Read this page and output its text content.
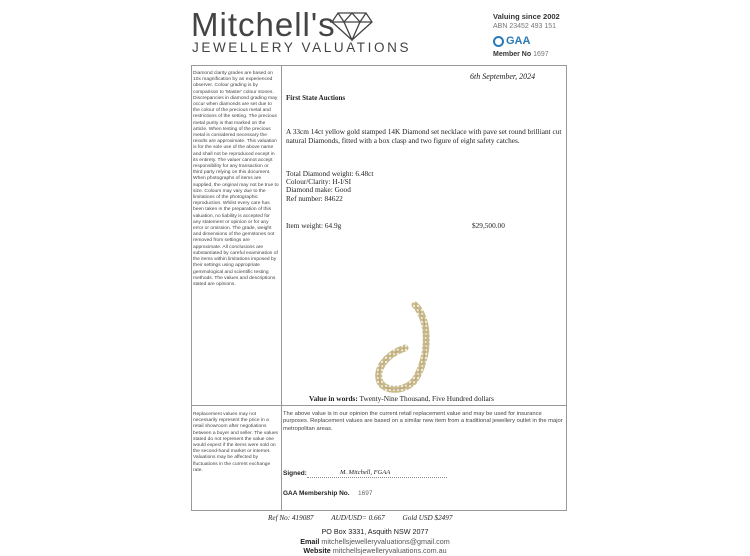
Mitchell's
JEWELLERY VALUATIONS
Valuing since 2002
ABN 23452 493 151
GAA
Member No 1697
Diamond clarity grades are based on 10x magnification by an experienced observer. Colour grading is by comparison to 'Master' colour stones. Discrepancies in diamond grading may occur when diamonds are set due to the colour of the precious metal and restrictions of the setting. The precious metal purity is that marked on the article. When testing of the precious metal is considered necessary the results are approximate. This valuation is for the sole use of the above name and shall not be reproduced except in its entirety. The valuer cannot accept responsibility for any transaction or third party relying on this document. When photographs of items are supplied, the original may not be true to size. Colours may vary due to the limitations of the photographic reproduction. Whilst every care has been taken in the preparation of this valuation, no liability is accepted for any statement or opinion or for any error or omission. The grade, weight and dimensions of the gemstones not removed from settings are approximate. All conclusions are substantiated by careful examination of the items within limitations imposed by their settings using appropriate gemmological and scientific testing methods. The values and descriptions stated are opinions.
Replacement values may not necessarily represent the price in a retail showroom after negotiations between a buyer and seller. The values stated do not represent the value one would expect if the items were sold on the second-hand market or internet. Valuations may be affected by fluctuations in the current exchange rate.
6th September, 2024
First State Auctions
A 33cm 14ct yellow gold stamped 14K Diamond set necklace with pave set round brilliant cut natural Diamonds, fitted with a box clasp and two figure of eight safety catches.
Total Diamond weight: 6.48ct
Colour/Clarity: H-I/SI
Diamond make: Good
Ref number: 84622
Item weight: 64.9g	$29,500.00
Value in words: Twenty-Nine Thousand, Five Hundred dollars
The above value is in our opinion the current retail replacement value and may be used for insurance purposes. Replacement values are based on a similar new item from a traditional jewellery outlet in the major metropolitan areas.
Signed:	M. Mitchell, FGAA
GAA Membership No. 1697
Ref No: 419087 AUD/USD= 0.667 Gold USD $2497
PO Box 3331, Asquith NSW 2077
Email mitchellsjewelleryvaluations@gmail.com
Website mitchellsjewelleryvaluations.com.au
